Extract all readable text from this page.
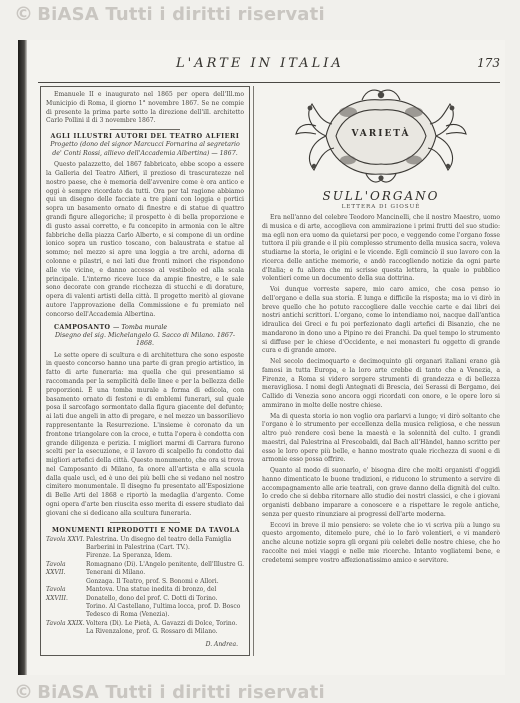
© BiASA Tutti i diritti riservati
L'ARTE IN ITALIA	173

Emanuele II e inaugurato nel 1865 per opera dell'Ill.mo Municipio di Roma, il giorno 1° novembre 1867. Se ne compie di presente la prima parte sotto la direzione dell'ill. architetto Carlo Pollini il di 3 novembre 1867.

AGLI ILLUSTRI AUTORI DEL TEATRO ALFIERI
Progetto (dono del signor Marcucci Fornarina al segretario de' Conti Rossi, allievo dell'Accademia Albertina) — 1867.

Questo palazzetto, del 1867 fabbricato, ebbe scopo a essere la Galleria del Teatro Alfieri, il prezioso di trascuratezze nel nostro paese, che è memoria dell'avvenire come è ora antico e oggi è sempre ricordato da tutti. Ora per tal ragione abbiamo qui un disegno delle facciate a tre piani con loggia e portici sopra un basamento ornato di finestre e di statue di quattro grandi figure allegoriche; il prospetto è di bella proporzione e di gusto assai corretto, e fu concepito in armonia con le altre fabbriche della piazza Carlo Alberto, e si compone di un ordine ionico sopra un rustico toscano, con balaustrata e statue al sommo; nel mezzo si apre una loggia a tre archi, adorna di colonne e pilastri, e nei lati due fronti minori che rispondono alle vie vicine, e danno accesso al vestibolo ed alla scala principale. L'interno riceve luce da ampie finestre, e le sale sono decorate con grande ricchezza di stucchi e di dorature, opera di valenti artisti della città. Il progetto meritò al giovane autore l'approvazione della Commissione e fu premiato nel concorso dell'Accademia Albertina.

CAMPOSANTO — Tomba murale
Disegno del sig. Michelangelo G. Sacco di Milano. 1867-1868.

Le sette opere di scultura e di architettura che sono esposte in questo concorso hanno una parte di gran pregio artistico, in fatto di arte funeraria: ma quella che qui presentiamo si raccomanda per la semplicità delle linee e per la bellezza delle proporzioni. È una tomba murale a forma di edicola, con basamento ornato di festoni e di emblemi funerari, sul quale posa il sarcofago sormontato dalla figura giacente del defunto; ai lati due angeli in atto di pregare, e nel mezzo un bassorilievo rappresentante la Resurrezione. L'insieme è coronato da un frontone triangolare con la croce, e tutta l'opera è condotta con grande diligenza e perizia. I migliori marmi di Carrara furono scelti per la esecuzione, e il lavoro di scalpello fu condotto dai migliori artefici della città. Questo monumento, che ora si trova nel Camposanto di Milano, fa onore all'artista e alla scuola dalla quale uscì, ed è uno dei più belli che si vedano nel nostro cimitero monumentale. Il disegno fu presentato all'Esposizione di Belle Arti del 1868 e riportò la medaglia d'argento. Come ogni opera d'arte ben riuscita esso merita di essere studiato dai giovani che si dedicano alla scultura funeraria.

MONUMENTI RIPRODOTTI E NOME DA TAVOLA
Tavola XXVI. Palestrina. Un disegno del teatro della Famiglia Barberini in Palestrina (Cart. TV.).
Firenze. La Speranza, Idem.
Tavola XXVII.
Romagnano (Di). L'Angelo penitente, dell'Illustre G. Tenerani di Milano.
Gonzaga. Il Teatro, prof. S. Bonomi e Allori.
Tavola XXVIII.
Mantova. Una statue inedita di bronzo, del Donatello, dono del prof. C. Dotti di Torino.
Torino. Al Castellano, l'ultima locca, prof. D. Bosco Tedesco di Roma (Venezia).
Tavola XXIX. Voltera (Di). Le Pietà, A. Gavazzi di Dolce, Torino. La Rivenzalone, prof. G. Rossaro di Milano.
D. Andrea.
VARIETÀ
SULL'ORGANO
LETTERA DI GIOSUÈ

Era nell'anno del celebre Teodoro Mancinelli, che il nostro Maestro, uomo di musica e di arte, accoglieva con ammirazione i primi frutti del suo studio: ma egli non era uomo da quietarsi per poco, e veggendo come l'organo fosse tuttora il più grande e il più complesso strumento della musica sacra, voleva studiarne la storia, le origini e le vicende. Egli cominciò il suo lavoro con la ricerca delle antiche memorie, e andò raccogliendo notizie da ogni parte d'Italia; e fu allora che mi scrisse questa lettera, la quale io pubblico volentieri come un documento della sua dottrina.

Voi dunque vorreste sapere, mio caro amico, che cosa penso io dell'organo e della sua storia. È lunga e difficile la risposta; ma io vi dirò in breve quello che ho potuto raccogliere dalle vecchie carte e dai libri dei nostri antichi scrittori. L'organo, come lo intendiamo noi, nacque dall'antica idraulica dei Greci e fu poi perfezionato dagli artefici di Bisanzio, che ne mandarono in dono uno a Pipino re dei Franchi. Da quel tempo lo strumento si diffuse per le chiese d'Occidente, e nei monasteri fu oggetto di grande cura e di grande amore.

Nel secolo decimoquarto e decimoquinto gli organari italiani erano già famosi in tutta Europa, e la loro arte crebbe di tanto che a Venezia, a Firenze, a Roma si videro sorgere strumenti di grandezza e di bellezza meravigliosa. I nomi degli Antegnati di Brescia, dei Serassi di Bergamo, dei Callido di Venezia sono ancora oggi ricordati con onore, e le opere loro si ammirano in molte delle nostre chiese.

Ma di questa storia io non voglio ora parlarvi a lungo; vi dirò soltanto che l'organo è lo strumento per eccellenza della musica religiosa, e che nessun altro può rendere così bene la maestà e la solennità del culto. I grandi maestri, dal Palestrina al Frescobaldi, dal Bach all'Händel, hanno scritto per esso le loro opere più belle, e hanno mostrato quale ricchezza di suoni e di armonie esso possa offrire.

Quanto al modo di suonarlo, e' bisogna dire che molti organisti d'oggidì hanno dimenticato le buone tradizioni, e riducono lo strumento a servire di accompagnamento alle arie teatrali, con grave danno della dignità del culto. Io credo che si debba ritornare allo studio dei nostri classici, e che i giovani organisti debbano imparare a conoscere e a rispettare le regole antiche, senza per questo rinunziare ai progressi dell'arte moderna.

Eccovi in breve il mio pensiero: se volete che io vi scriva più a lungo su questo argomento, ditemelo pure, ché io lo farò volentieri, e vi manderò anche alcune notizie sopra gli organi più celebri delle nostre chiese, che ho raccolte nei miei viaggi e nelle mie ricerche. Intanto vogliatemi bene, e credetemi sempre vostro affezionatissimo amico e servitore.

© BiASA Tutti i diritti riservati
